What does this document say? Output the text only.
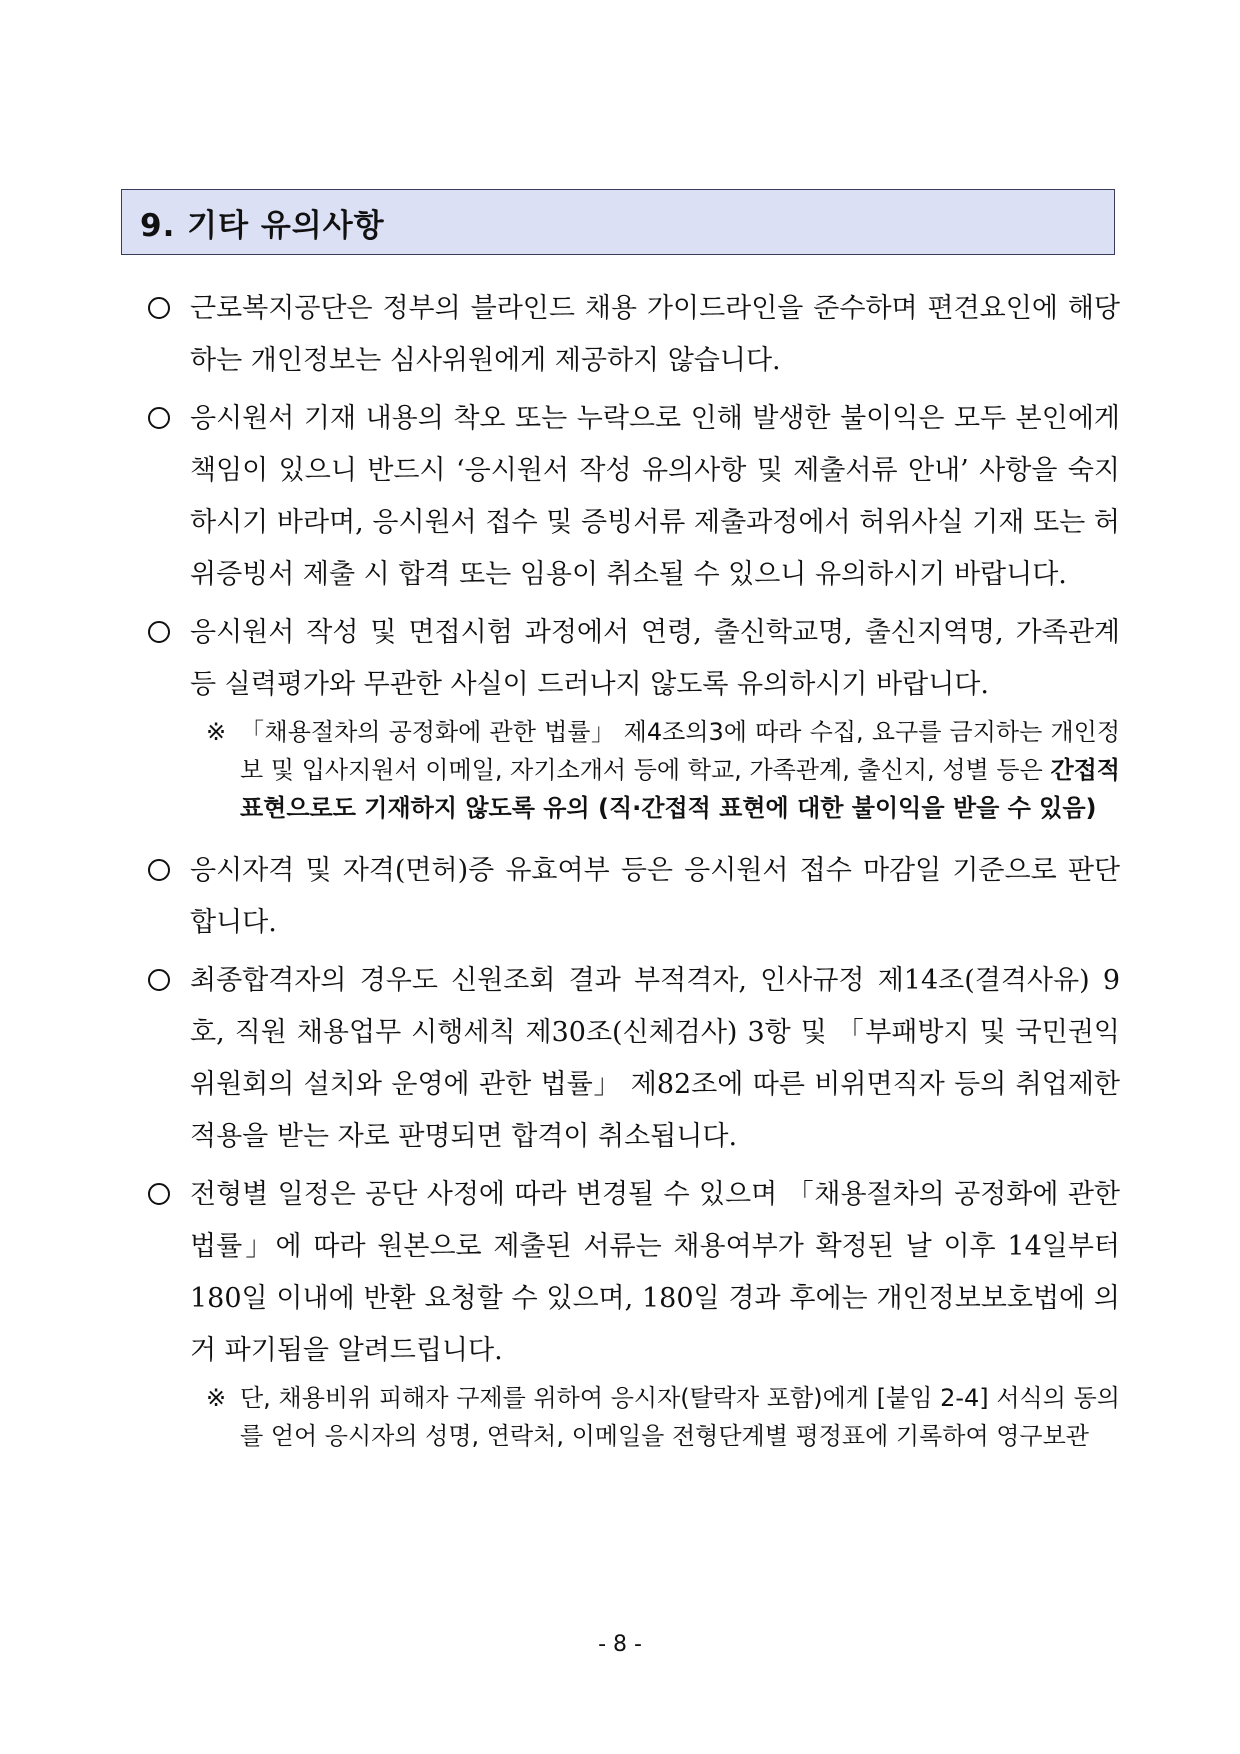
9. 기타 유의사항
근로복지공단은 정부의 블라인드 채용 가이드라인을 준수하며 편견요인에 해당하는 개인정보는 심사위원에게 제공하지 않습니다.
응시원서 기재 내용의 착오 또는 누락으로 인해 발생한 불이익은 모두 본인에게 책임이 있으니 반드시 ‘응시원서 작성 유의사항 및 제출서류 안내’ 사항을 숙지하시기 바라며, 응시원서 접수 및 증빙서류 제출과정에서 허위사실 기재 또는 허위증빙서 제출 시 합격 또는 임용이 취소될 수 있으니 유의하시기 바랍니다.
응시원서 작성 및 면접시험 과정에서 연령, 출신학교명, 출신지역명, 가족관계 등 실력평가와 무관한 사실이 드러나지 않도록 유의하시기 바랍니다.
※ 「채용절차의 공정화에 관한 법률」 제4조의3에 따라 수집, 요구를 금지하는 개인정보 및 입사지원서 이메일, 자기소개서 등에 학교, 가족관계, 출신지, 성별 등은 간접적 표현으로도 기재하지 않도록 유의 (직·간접적 표현에 대한 불이익을 받을 수 있음)
응시자격 및 자격(면허)증 유효여부 등은 응시원서 접수 마감일 기준으로 판단합니다.
최종합격자의 경우도 신원조회 결과 부적격자, 인사규정 제14조(결격사유) 9호, 직원 채용업무 시행세칙 제30조(신체검사) 3항 및 「부패방지 및 국민권익위원회의 설치와 운영에 관한 법률」 제82조에 따른 비위면직자 등의 취업제한 적용을 받는 자로 판명되면 합격이 취소됩니다.
전형별 일정은 공단 사정에 따라 변경될 수 있으며 「채용절차의 공정화에 관한 법률」에 따라 원본으로 제출된 서류는 채용여부가 확정된 날 이후 14일부터 180일 이내에 반환 요청할 수 있으며, 180일 경과 후에는 개인정보보호법에 의거 파기됨을 알려드립니다.
※ 단, 채용비위 피해자 구제를 위하여 응시자(탈락자 포함)에게 [붙임 2-4] 서식의 동의를 얻어 응시자의 성명, 연락처, 이메일을 전형단계별 평정표에 기록하여 영구보관
- 8 -
